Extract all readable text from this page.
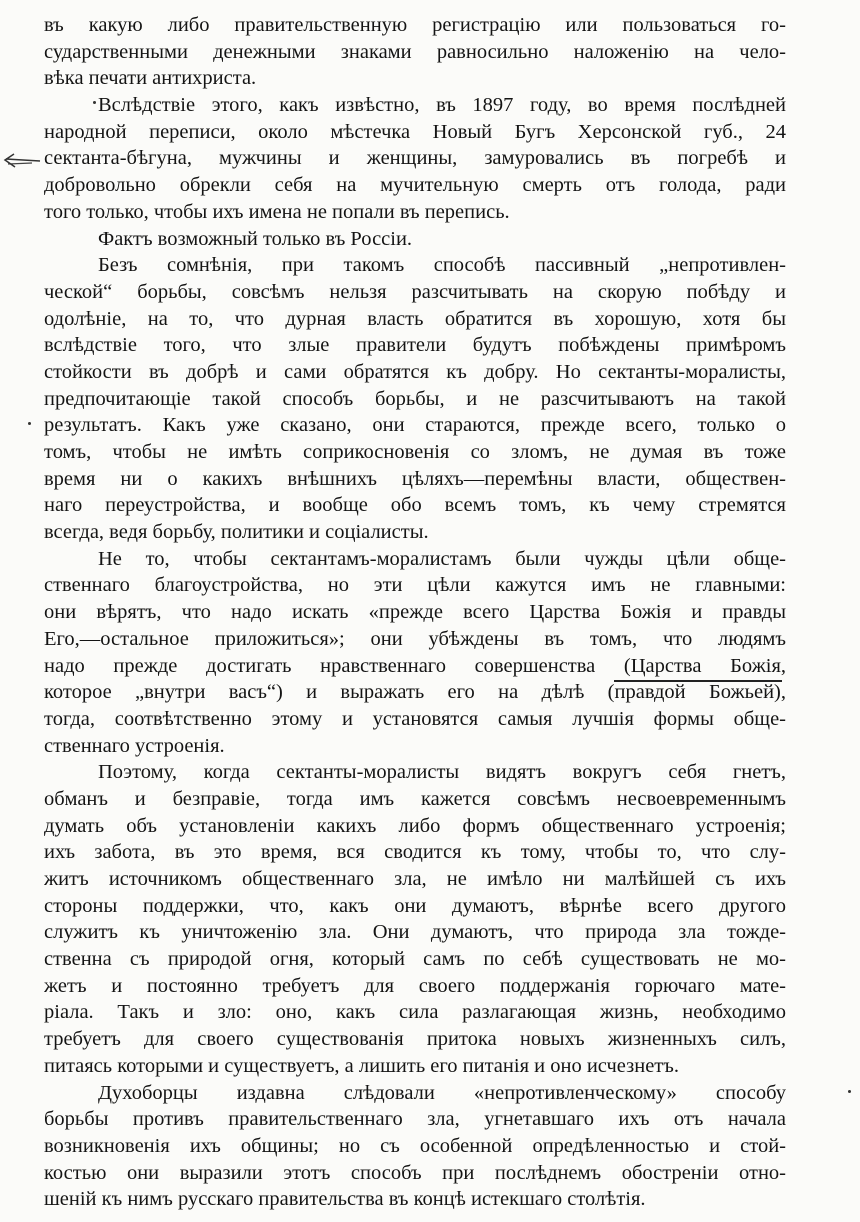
въ какую либо правительственную регистрацію или пользоваться го-
сударственными денежными знаками равносильно наложенію на чело-
вѣка печати антихриста.
Вслѣдствіе этого, какъ извѣстно, въ 1897 году, во время послѣдней
народной переписи, около мѣстечка Новый Бугъ Херсонской губ., 24
сектанта-бѣгуна, мужчины и женщины, замуровались въ погребѣ и
добровольно обрекли себя на мучительную смерть отъ голода, ради
того только, чтобы ихъ имена не попали въ перепись.
Фактъ возможный только въ Россіи.
Безъ сомнѣнія, при такомъ способѣ пассивный „непротивлен-
ческой“ борьбы, совсѣмъ нельзя разсчитывать на скорую побѣду и
одолѣніе, на то, что дурная власть обратится въ хорошую, хотя бы
вслѣдствіе того, что злые правители будутъ побѣждены примѣромъ
стойкости въ добрѣ и сами обратятся къ добру. Но сектанты-моралисты,
предпочитающіе такой способъ борьбы, и не разсчитываютъ на такой
результатъ. Какъ уже сказано, они стараются, прежде всего, только о
томъ, чтобы не имѣть соприкосновенія со зломъ, не думая въ тоже
время ни о какихъ внѣшнихъ цѣляхъ—перемѣны власти, обществен-
наго переустройства, и вообще обо всемъ томъ, къ чему стремятся
всегда, ведя борьбу, политики и соціалисты.
Не то, чтобы сектантамъ-моралистамъ были чужды цѣли обще-
ственнаго благоустройства, но эти цѣли кажутся имъ не главными:
они вѣрятъ, что надо искать «прежде всего Царства Божія и правды
Его,—остальное приложиться»; они убѣждены въ томъ, что людямъ
надо прежде достигать нравственнаго совершенства (Царства Божія,
которое „внутри васъ“) и выражать его на дѣлѣ (правдой Божьей),
тогда, соотвѣтственно этому и установятся самыя лучшія формы обще-
ственнаго устроенія.
Поэтому, когда сектанты-моралисты видятъ вокругъ себя гнетъ,
обманъ и безправіе, тогда имъ кажется совсѣмъ несвоевременнымъ
думать объ установленіи какихъ либо формъ общественнаго устроенія;
ихъ забота, въ это время, вся сводится къ тому, чтобы то, что слу-
житъ источникомъ общественнаго зла, не имѣло ни малѣйшей съ ихъ
стороны поддержки, что, какъ они думаютъ, вѣрнѣе всего другого
служитъ къ уничтоженію зла. Они думаютъ, что природа зла тожде-
ственна съ природой огня, который самъ по себѣ существовать не мо-
жетъ и постоянно требуетъ для своего поддержанія горючаго мате-
ріала. Такъ и зло: оно, какъ сила разлагающая жизнь, необходимо
требуетъ для своего существованія притока новыхъ жизненныхъ силъ,
питаясь которыми и существуетъ, а лишить его питанія и оно исчезнетъ.
Духоборцы издавна слѣдовали «непротивленческому» способу
борьбы противъ правительственнаго зла, угнетавшаго ихъ отъ начала
возникновенія ихъ общины; но съ особенной опредѣленностью и стой-
костью они выразили этотъ способъ при послѣднемъ обостреніи отно-
шеній къ нимъ русскаго правительства въ концѣ истекшаго столѣтія.
